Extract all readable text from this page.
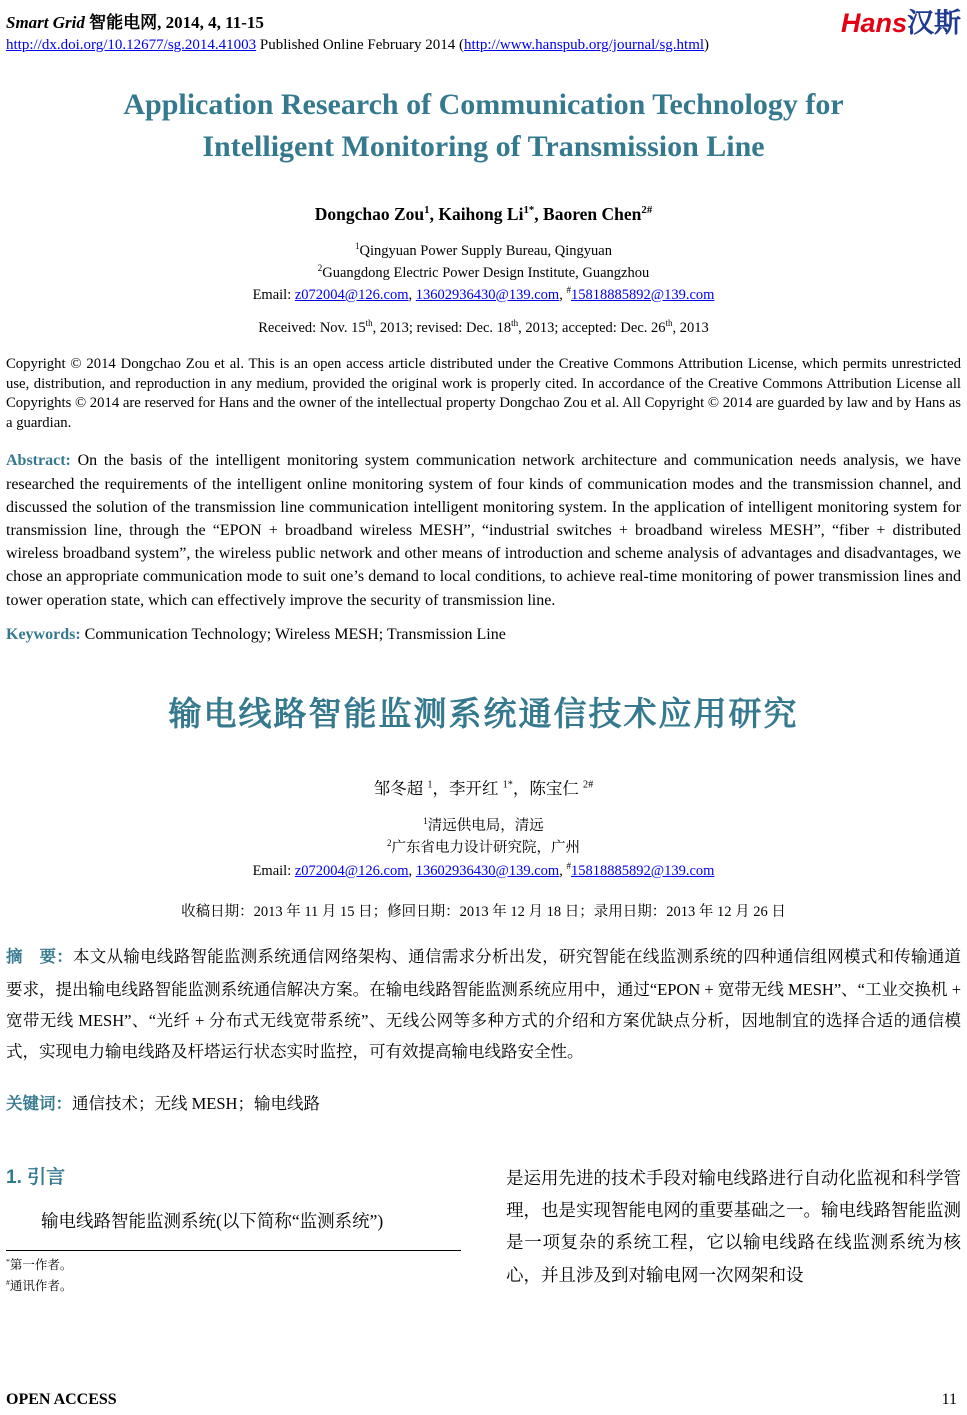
Smart Grid 智能电网, 2014, 4, 11-15
http://dx.doi.org/10.12677/sg.2014.41003 Published Online February 2014 (http://www.hanspub.org/journal/sg.html)
Hans汉斯
Application Research of Communication Technology for
Intelligent Monitoring of Transmission Line
Dongchao Zou$^1$, Kaihong $Li^{1*}$, Baoren Chen$^{2\#}$
$^1$Qingyuan Power Supply Bureau, Qingyuan
$^2$Guangdong Electric Power Design Institute, Guangzhou
Email: z072004@126.com, 13602936430@139.com, #15818885892@139.com
Received: Nov. 15th, 2013; revised: Dec. 18th, 2013; accepted: Dec. 26th, 2013
Copyright © 2014 Dongchao Zou et al. This is an open access article distributed under the Creative Commons Attribution License, which permits unrestricted use, distribution, and reproduction in any medium, provided the original work is properly cited. In accordance of the Creative Commons Attribution License all Copyrights © 2014 are reserved for Hans and the owner of the intellectual property Dongchao Zou et al. All Copyright © 2014 are guarded by law and by Hans as a guardian.
Abstract: On the basis of the intelligent monitoring system communication network architecture and communication needs analysis, we have researched the requirements of the intelligent online monitoring system of four kinds of communication modes and the transmission channel, and discussed the solution of the transmission line communication intelligent monitoring system. In the application of intelligent monitoring system for transmission line, through the “EPON + broadband wireless MESH”, “industrial switches + broadband wireless MESH”, “fiber + distributed wireless broadband system”, the wireless public network and other means of introduction and scheme analysis of advantages and disadvantages, we chose an appropriate communication mode to suit one’s demand to local conditions, to achieve real-time monitoring of power transmission lines and tower operation state, which can effectively improve the security of transmission line.
Keywords: Communication Technology; Wireless MESH; Transmission Line
输电线路智能监测系统通信技术应用研究
邹冬超 $^1$，李开红 $^{1*}$，陈宝仁 $^{2\#}$
$^1$清远供电局，清远
$^2$广东省电力设计研究院，广州
Email: z072004@126.com, 13602936430@139.com, #15818885892@139.com
收稿日期：2013 年 11 月 15 日；修回日期：2013 年 12 月 18 日；录用日期：2013 年 12 月 26 日
摘　要：本文从输电线路智能监测系统通信网络架构、通信需求分析出发，研究智能在线监测系统的四种通信组网模式和传输通道要求，提出输电线路智能监测系统通信解决方案。在输电线路智能监测系统应用中，通过“EPON + 宽带无线 MESH”、“工业交换机 + 宽带无线 MESH”、“光纤 + 分布式无线宽带系统”、无线公网等多种方式的介绍和方案优缺点分析，因地制宜的选择合适的通信模式，实现电力输电线路及杆塔运行状态实时监控，可有效提高输电线路安全性。
关键词：通信技术；无线 MESH；输电线路
1. 引言
输电线路智能监测系统(以下简称“监测系统”)
*第一作者。
#通讯作者。
是运用先进的技术手段对输电线路进行自动化监视和科学管理，也是实现智能电网的重要基础之一。输电线路智能监测是一项复杂的系统工程，它以输电线路在线监测系统为核心，并且涉及到对输电网一次网架和设
OPEN ACCESS	11
